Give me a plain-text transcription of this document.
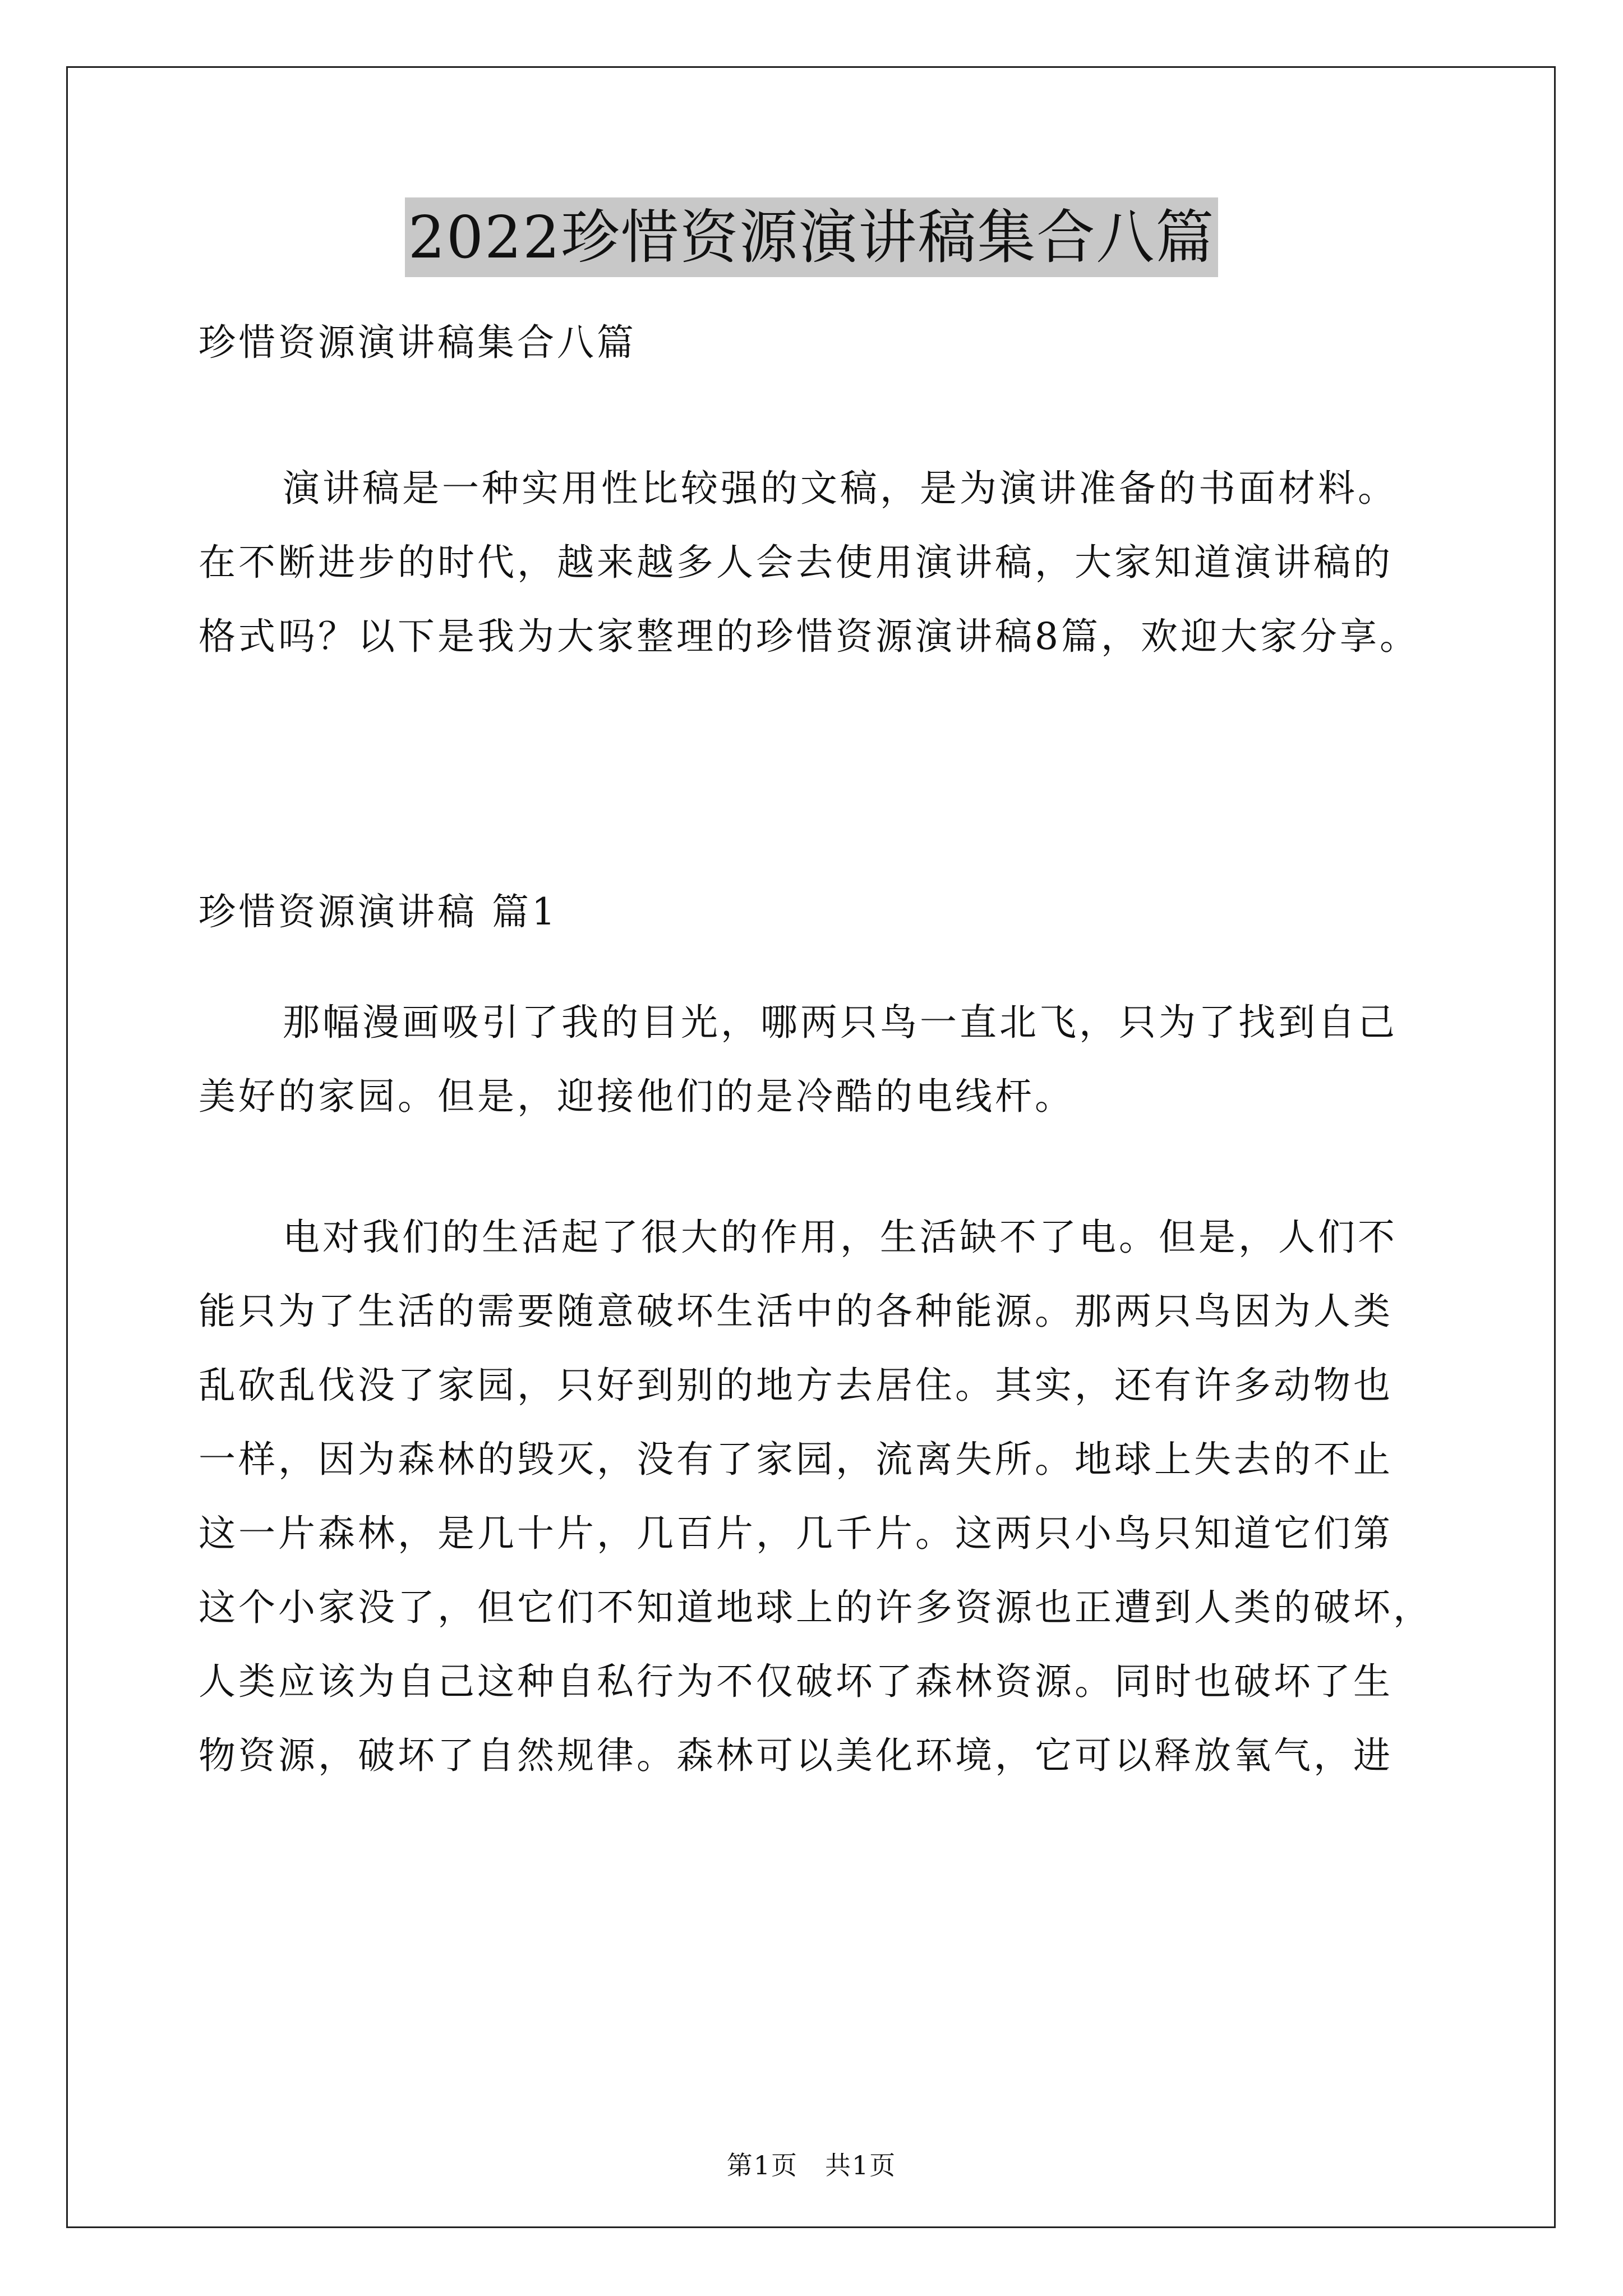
2022珍惜资源演讲稿集合八篇
珍惜资源演讲稿集合八篇
演讲稿是一种实用性比较强的文稿，是为演讲准备的书面材料。
在不断进步的时代，越来越多人会去使用演讲稿，大家知道演讲稿的
格式吗？以下是我为大家整理的珍惜资源演讲稿8篇，欢迎大家分享。
珍惜资源演讲稿 篇1
那幅漫画吸引了我的目光，哪两只鸟一直北飞，只为了找到自己
美好的家园。但是，迎接他们的是冷酷的电线杆。
电对我们的生活起了很大的作用，生活缺不了电。但是，人们不
能只为了生活的需要随意破坏生活中的各种能源。那两只鸟因为人类
乱砍乱伐没了家园，只好到别的地方去居住。其实，还有许多动物也
一样，因为森林的毁灭，没有了家园，流离失所。地球上失去的不止
这一片森林，是几十片，几百片，几千片。这两只小鸟只知道它们第
这个小家没了，但它们不知道地球上的许多资源也正遭到人类的破坏，
人类应该为自己这种自私行为不仅破坏了森林资源。同时也破坏了生
物资源，破坏了自然规律。森林可以美化环境，它可以释放氧气，进
第1页　共1页
